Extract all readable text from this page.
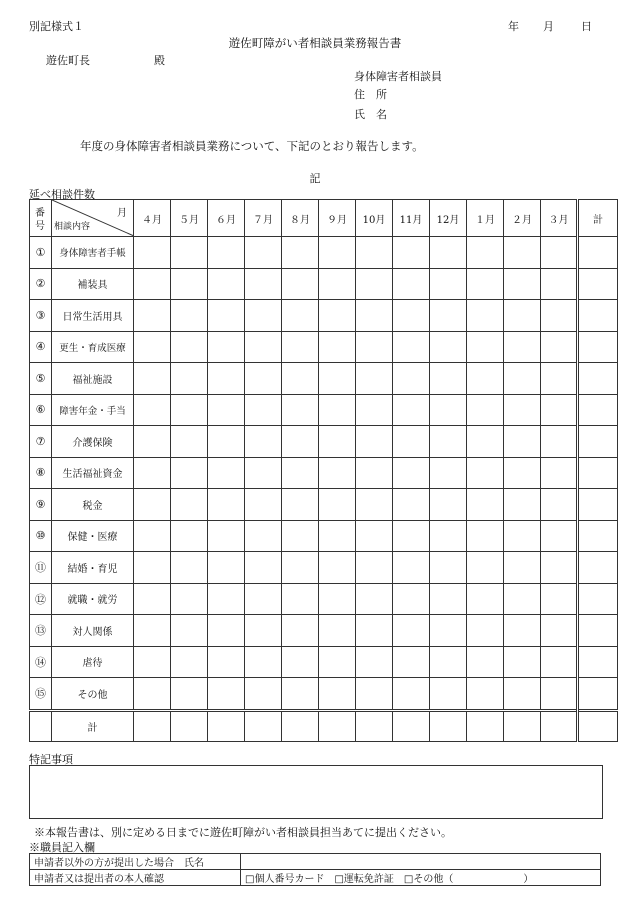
別記様式１	年 月 日
遊佐町障がい者相談員業務報告書
遊佐町長	殿
身体障害者相談員
住　所
氏　名
年度の身体障害者相談員業務について、下記のとおり報告します。
記
延べ相談件数
番
号	月
相談内容	４月	５月	６月	７月	８月	９月	10月	11月	12月	１月	２月	３月	計
①	身体障害者手帳													
②	補装具													
③	日常生活用具													
④	更生・育成医療													
⑤	福祉施設													
⑥	障害年金・手当													
⑦	介護保険													
⑧	生活福祉資金													
⑨	税金													
⑩	保健・医療													
⑪	結婚・育児													
⑫	就職・就労													
⑬	対人関係													
⑭	虐待													
⑮	その他													
	計													
特記事項
※本報告書は、別に定める日までに遊佐町障がい者相談員担当あてに提出ください。
※職員記入欄
申請者以外の方が提出した場合　氏名	
申請者又は提出者の本人確認	□個人番号カード　□運転免許証　□その他（　　　　　　　）
